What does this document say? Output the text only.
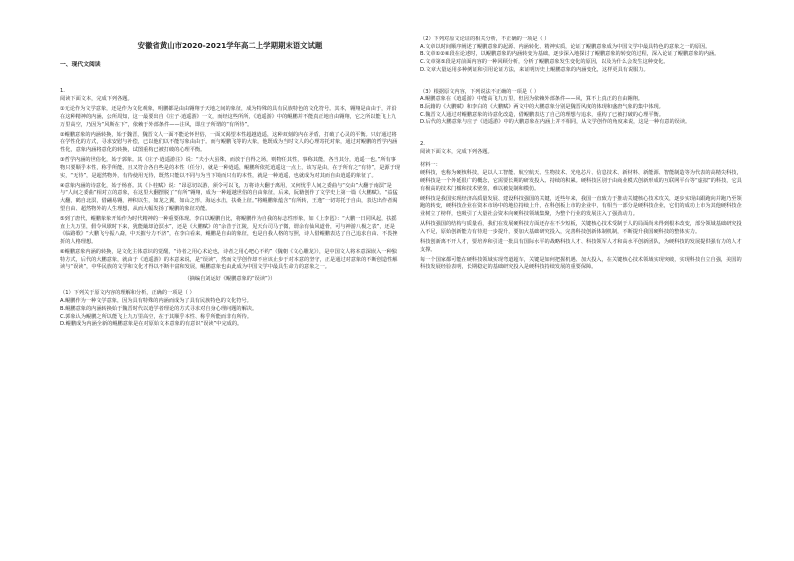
安徽省黄山市2020-2021学年高二上学期期末语文试题
一、现代文阅读
1.
阅读下面文本，完成下列各题。
①无论作为文学意象，还是作为文化观象，明鹏都是由由翱翔于天地之间的象征，成为特殊的具有民族特色的文化符号。其本，翱翔是由由于，并沿在这种精神的内涵，公所周知，这一最要出自《庄子·逍遥游》一文，而经这些所所，《逍遥游》中的鲲鹏并不能真正地自由翱翔，它之所以能飞上九万里高空，乃因为“风斯在下”，依赖于外部条件——注风，即庄子所谓的“有所待”。
②鲲鹏意象的内涵转换，始于魏晋，魏晋文人一面不能论怀世俗，一面又渴望本性超越逍遥，这种双刻的内在矛盾，打破了心灵的平衡。只好通过将在学性化的方式，寻求安慰与补偿，已以他们以不能写象由由于。而与鲲鹏飞等的大象，他既成为当时文人的心理寄托对象，通过对鲲鹏的哲学内涵性化，意象内涵将意化的转换，试图重构已被打破的心理平衡。
③哲学内涵的世俗化，始于郭象。其《庄子·逍遥游注》说：“夫小大虽殊，而放于自得之场，则物任其性，事称其能，各当其分，逍遥一也。”所有事物只要顺乎本性，称乎所能，且又符合各自些是的本性（任分），就是一种逍遥，鲲鹏所依托逍遥这一点上，该写是由，在于所有之“有待”，是源于现实，“无待”，是超然物外，有待使用无待，既然只能以不同与为当下境而只有的本性，就是一种逍遥，也就成为对其而自由逍遥的象征了。
④意象内涵的诗意化，始于杨喜。其《卜桂赋》说：“昂忍切以游，须令可以飞，万将诗大翻于离用，又何忧乎人间之委曲与“交由”大翻于南溟”是与“人间之委曲”相对立的意象，在这里大翻摆脱了“有所”翱翔，成为一种超越世俗的自由象征，后来，阮籍创作了文学史上第一篇《大鹏赋》。“益猛大翻，鹤自北溟，借翩易翱，神积以生，如龙之翼，如山之形，海运水击，扶桑上征。”将鲲鹏象蕴含“有所转，王逸”一切寄托于自由，表达出作者渴望自由、超然物外的人生理想，从而大幅发扬了鲲鹏的象征功能。
⑤到了唐代，鲲鹏象象开始作为时代精神的一种重要体现。李白以鲲鹏自比，将鲲鹏作为自我的标志性形象，如《上李邕》：“大鹏一日同风起，扶摇直上九万里，假令风歇时下来，犹能簸却沧溟水”，还是《大鹏赋》的“余昔于江陵，见天台司马子微，谓余有仙风道骨，可与神游八极之表”，还是《临路歌》“大鹏飞兮振八裔，中天摧兮力不济”，在李白看来，鲲鹏是自由的象征，也是自我人格的写照，诗人借鲲鹏表达了自己追求自由、不畏挫折的人格理想。
⑥鲲鹏意象内涵的转换，是文化主体意识的觉醒，“诗者之用心术论也，诗者之用心吧心不约”（魏朝《文心雕龙》），是中国文人将本意深嵌入一种独特方式，后代的大鹏意象，就由于《逍遥游》的本意来说，是“误读”，然而文学创作却不应该止步于对本意的坚守，正是通过对意象的不断创造性解读与“误读”，中华民族的文学和文化才得以不断丰富和发展，鲲鹏意象也由此成为中国文学中最具生命力的意象之一。
（摘编自刘运好《鲲鹏意象的“误读”》）
（1）下列关于原文内容的理解和分析，正确的一项是（ ）
A.鲲鹏作为一种文学意象，因为具有特殊的内涵而成为了具有民族特色的文化符号。
B.鲲鹏意象的内涵转换始于魏晋时代以逍学者理论的方式寻求对自身心理问题的解决。
C.郭象认为鲲鹏之所以能飞上九万里高空，在于其顺乎本性、称乎所能而非有所待。
D.鲲鹏成为内涵全新的鲲鹏意象是在对原始文本意象的有意识“误读”中完成的。
（2）下列对原文论证的相关分析，不正确的一项是（ ）
A.文章以时间顺序阐述了鲲鹏意象的起源、内涵转化、精神实质，论证了鲲鹏意象成为中国文学中最具特色的意象之一的原因。
B.文章①②⑥段在论述时，以鲲鹏意象的内涵转变为基础，逐步深入地探讨了鲲鹏意象的转变的过程，深入论证了鲲鹏意象的内涵。
C.文章第⑤段是对前面内容的一种回顾分析，分析了鲲鹏意象发生变化的原因，以及为什么会发生这种变化。
D.文章大量运用多种例证和引用论证方法，来证明历史上鲲鹏意象的内涵变化，这样更具有说服力。
（3）根据原文内容，下列说法不正确的一项是（ ）
A.鲲鹏意象在《逍遥游》中能高飞九万里，但因为依赖外部条件——风，算不上真正的自由翱翔。
B.阮籍的《大鹏赋》和李白的《大鹏赋》两文中的大鹏意象分别是魏晋风度的体现和盛唐气象的集中体现。
C.魏晋文人通过对鲲鹏意象的诗意化改造，借鲲鹏表达了自己的理想与追求，重构了已被打破的心理平衡。
D.后代的大鹏意象与庄子《逍遥游》中的大鹏意象在内涵上并不相同，从文学创作的角度来说，这是一种有意的误读。
2.
阅读下面文本，完成下列各题。
材料一：
硬科技，也称为硬核科技，是以人工智能、航空航天、生物技术、光电芯片、信息技术、新材料、新能源、智能制造等为代表的高精尖科技，硬科技是一个外延很广的概念，它需要长期的研发投入、持续的积累。硬科技区别于由商业模式创新形成的互联网平台等“虚拟”的科技，它具有极高的技术门槛和技术壁垒，难以被复制和模仿。
硬科技是我国实现经济高质量发展、建设科技强国的关键，近些年来，我国一直致力于推动关键核心技术攻关，逐步实现由跟跑向并跑乃至领跑的转变，硬科技企业在资本市场中的地位持续上升，在科创板上市的企业中，有相当一部分是硬科技企业，它们的成功上市为其他硬科技企业树立了榜样，也吸引了大量社会资本向硬科技领域集聚，为整个行业的发展注入了强劲动力。
从科技强国的结构与质量看，我们在发展硬科技方面还存在不少短板，关键核心技术受制于人的局面尚未得到根本改变，部分领域基础研究投入不足，原始创新能力有待进一步提升，要加大基础研究投入，完善科技创新体制机制，不断提升我国硬科技的整体实力。
科技创新离不开人才，要培养和引进一批具有国际水平的战略科技人才、科技领军人才和高水平创新团队，为硬科技的发展提供强有力的人才支撑。
每一个国家都可能在硬科技领域实现弯道超车，关键是如何把握机遇、加大投入，在关键核心技术领域实现突破，实现科技自立自强，美国的科技发展经验表明，长期稳定的基础研究投入是硬科技持续发展的重要保障。
